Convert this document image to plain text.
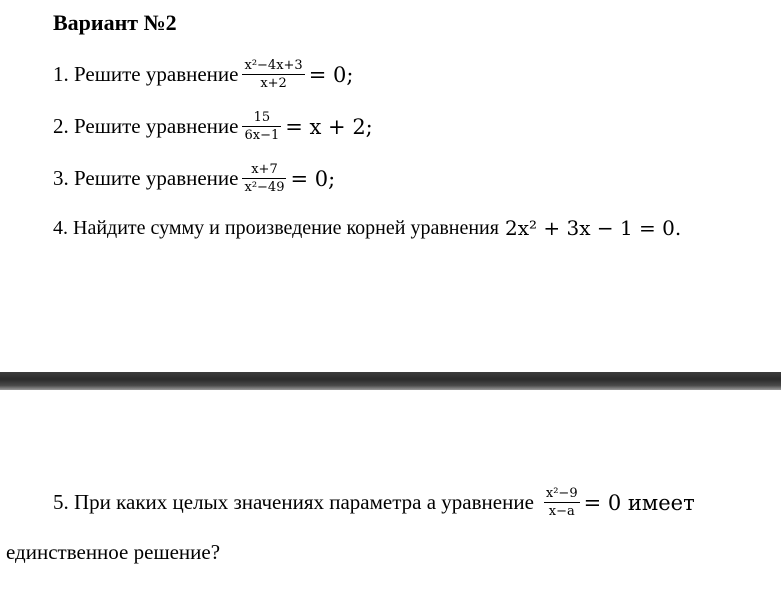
Вариант №2
1. Решите уравнение $\frac{\text{x²−4x+3}}{x+2} = 0$;
2. Решите уравнение $\frac{15}{6x-1} = x + 2$;
3. Решите уравнение $\frac{x+7}{\text{x²−49}} = 0$;
4. Найдите сумму и произведение корней уравнения 2x² + 3x − 1 = 0.
5. При каких целых значениях параметра а уравнение $\frac{\text{x²−9}}{x-a} = 0$ имеет
единственное решение?
